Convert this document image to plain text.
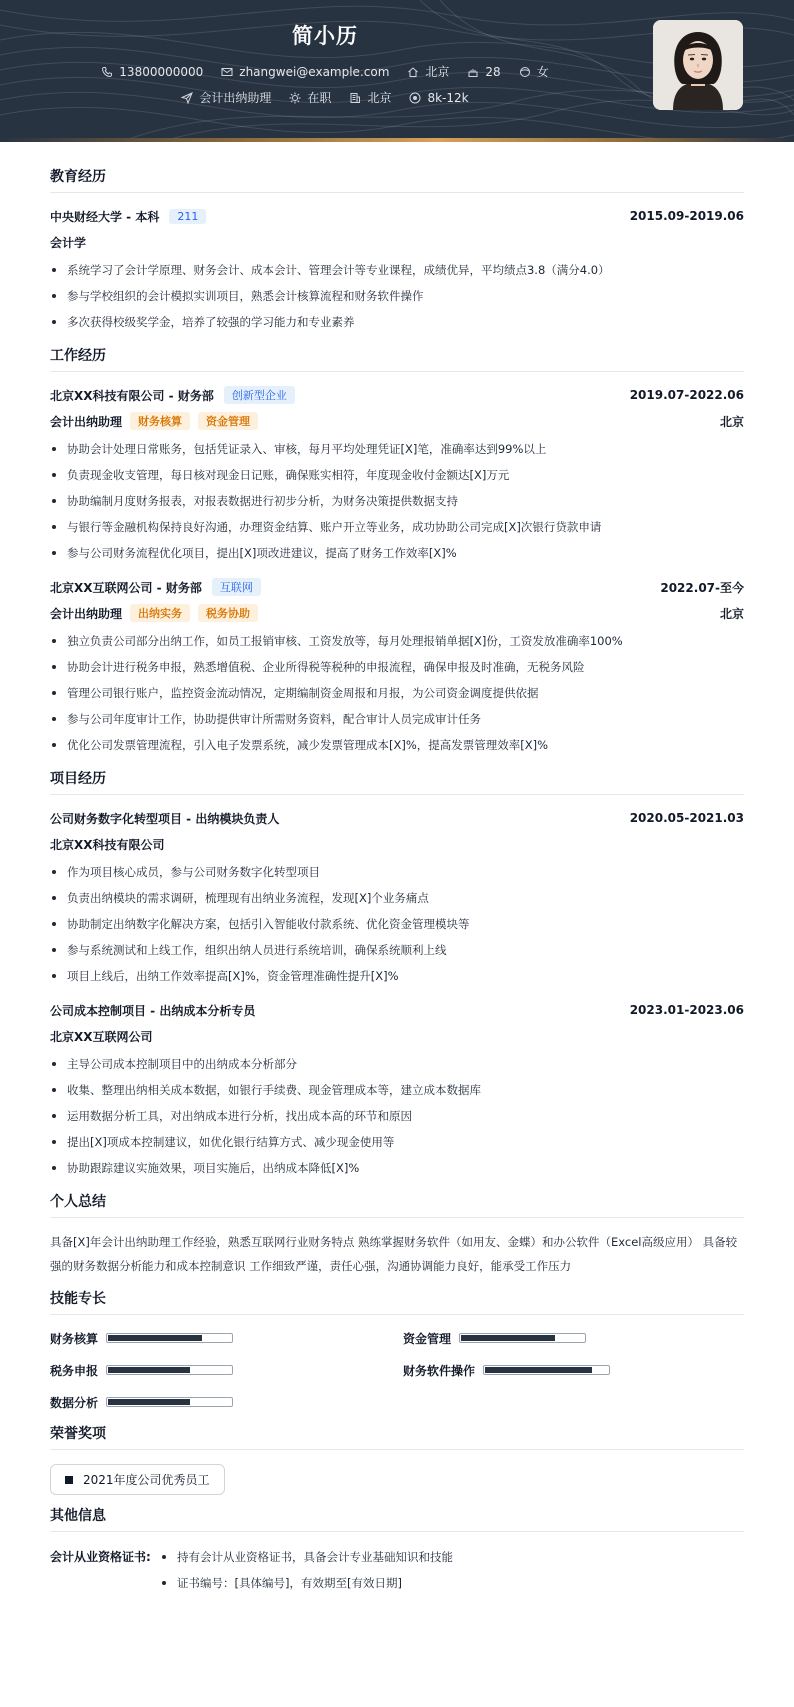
简小历
13800000000	zhangwei@example.com	北京	28	女
会计出纳助理	在职	北京	8k-12k
教育经历
中央财经大学 - 本科	211	2015.09-2019.06
会计学
系统学习了会计学原理、财务会计、成本会计、管理会计等专业课程，成绩优异，平均绩点3.8（满分4.0）
参与学校组织的会计模拟实训项目，熟悉会计核算流程和财务软件操作
多次获得校级奖学金，培养了较强的学习能力和专业素养
工作经历
北京XX科技有限公司 - 财务部	创新型企业	2019.07-2022.06
会计出纳助理	财务核算	资金管理	北京
协助会计处理日常账务，包括凭证录入、审核，每月平均处理凭证[X]笔，准确率达到99%以上
负责现金收支管理，每日核对现金日记账，确保账实相符，年度现金收付金额达[X]万元
协助编制月度财务报表，对报表数据进行初步分析，为财务决策提供数据支持
与银行等金融机构保持良好沟通，办理资金结算、账户开立等业务，成功协助公司完成[X]次银行贷款申请
参与公司财务流程优化项目，提出[X]项改进建议，提高了财务工作效率[X]%
北京XX互联网公司 - 财务部	互联网	2022.07-至今
会计出纳助理	出纳实务	税务协助	北京
独立负责公司部分出纳工作，如员工报销审核、工资发放等，每月处理报销单据[X]份，工资发放准确率100%
协助会计进行税务申报，熟悉增值税、企业所得税等税种的申报流程，确保申报及时准确，无税务风险
管理公司银行账户，监控资金流动情况，定期编制资金周报和月报，为公司资金调度提供依据
参与公司年度审计工作，协助提供审计所需财务资料，配合审计人员完成审计任务
优化公司发票管理流程，引入电子发票系统，减少发票管理成本[X]%，提高发票管理效率[X]%
项目经历
公司财务数字化转型项目 - 出纳模块负责人	2020.05-2021.03
北京XX科技有限公司
作为项目核心成员，参与公司财务数字化转型项目
负责出纳模块的需求调研，梳理现有出纳业务流程，发现[X]个业务痛点
协助制定出纳数字化解决方案，包括引入智能收付款系统、优化资金管理模块等
参与系统测试和上线工作，组织出纳人员进行系统培训，确保系统顺利上线
项目上线后，出纳工作效率提高[X]%，资金管理准确性提升[X]%
公司成本控制项目 - 出纳成本分析专员	2023.01-2023.06
北京XX互联网公司
主导公司成本控制项目中的出纳成本分析部分
收集、整理出纳相关成本数据，如银行手续费、现金管理成本等，建立成本数据库
运用数据分析工具，对出纳成本进行分析，找出成本高的环节和原因
提出[X]项成本控制建议，如优化银行结算方式、减少现金使用等
协助跟踪建议实施效果，项目实施后，出纳成本降低[X]%
个人总结
具备[X]年会计出纳助理工作经验，熟悉互联网行业财务特点 熟练掌握财务软件（如用友、金蝶）和办公软件（Excel高级应用） 具备较强的财务数据分析能力和成本控制意识 工作细致严谨，责任心强，沟通协调能力良好，能承受工作压力
技能专长
财务核算	资金管理
税务申报	财务软件操作
数据分析
荣誉奖项
2021年度公司优秀员工
其他信息
会计从业资格证书:	持有会计从业资格证书，具备会计专业基础知识和技能
证书编号：[具体编号]，有效期至[有效日期]
